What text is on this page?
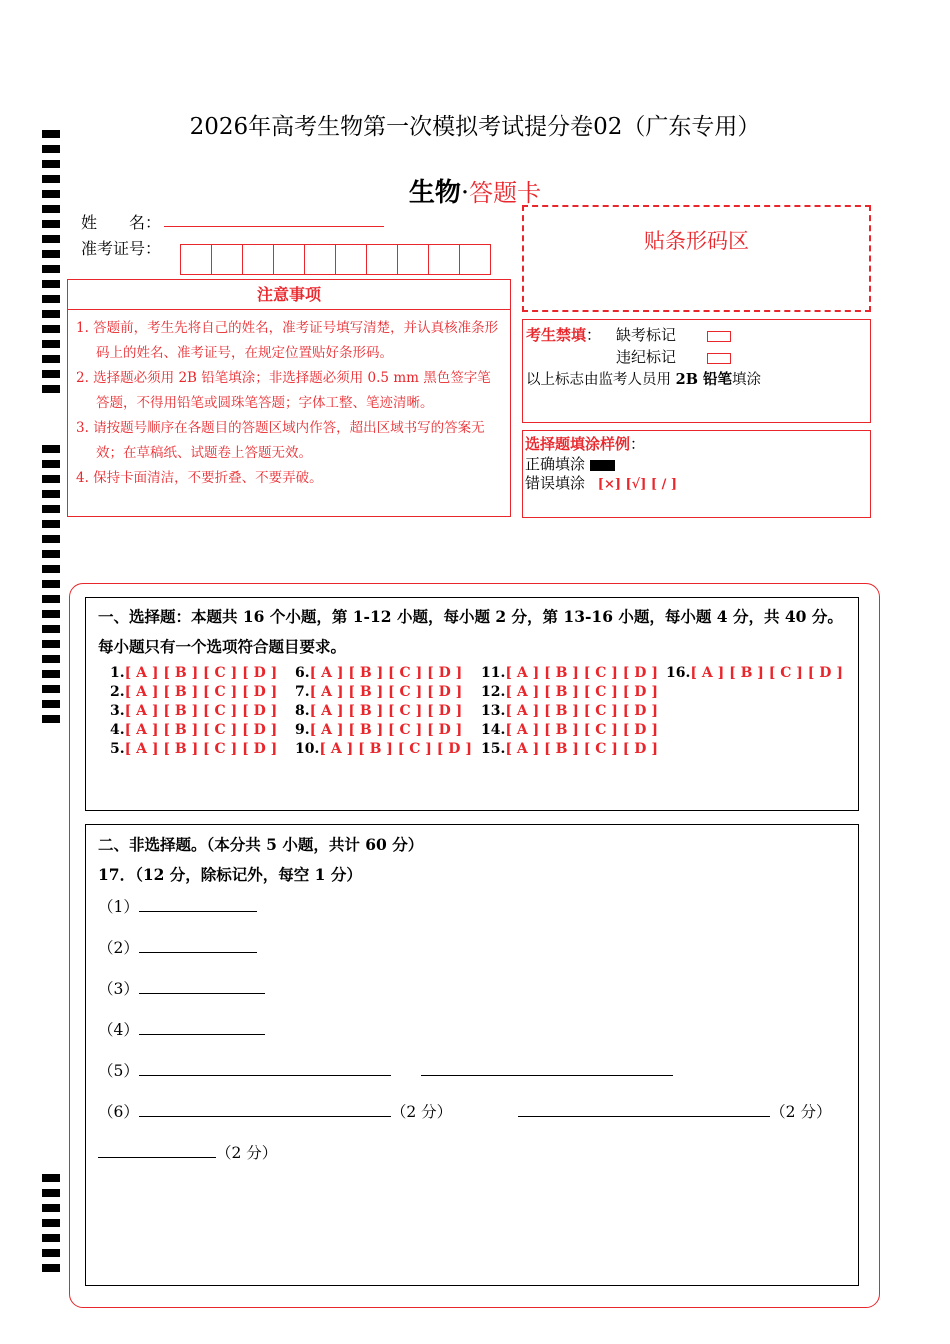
2026年高考生物第一次模拟考试提分卷02（广东专用）
生物·答题卡
姓　　名：
准考证号：
注意事项
1. 答题前，考生先将自己的姓名，准考证号填写清楚，并认真核准条形码上的姓名、准考证号，在规定位置贴好条形码。
2. 选择题必须用 2B 铅笔填涂；非选择题必须用 0.5 mm 黑色签字笔答题，不得用铅笔或圆珠笔答题；字体工整、笔迹清晰。
3. 请按题号顺序在各题目的答题区域内作答，超出区域书写的答案无效；在草稿纸、试题卷上答题无效。
4. 保持卡面清洁，不要折叠、不要弄破。
贴条形码区
考生禁填： 缺考标记
违纪标记
以上标志由监考人员用 2B 铅笔填涂
选择题填涂样例：
正确填涂
错误填涂 [×] [√] [ / ]
一、选择题：本题共 16 个小题，第 1-12 小题，每小题 2 分，第 13-16 小题，每小题 4 分，共 40 分。每小题只有一个选项符合题目要求。
1.[ A ] [ B ] [ C ] [ D ]
2.[ A ] [ B ] [ C ] [ D ]
3.[ A ] [ B ] [ C ] [ D ]
4.[ A ] [ B ] [ C ] [ D ]
5.[ A ] [ B ] [ C ] [ D ]
6.[ A ] [ B ] [ C ] [ D ]
7.[ A ] [ B ] [ C ] [ D ]
8.[ A ] [ B ] [ C ] [ D ]
9.[ A ] [ B ] [ C ] [ D ]
10.[ A ] [ B ] [ C ] [ D ]
11.[ A ] [ B ] [ C ] [ D ]
12.[ A ] [ B ] [ C ] [ D ]
13.[ A ] [ B ] [ C ] [ D ]
14.[ A ] [ B ] [ C ] [ D ]
15.[ A ] [ B ] [ C ] [ D ]
16.[ A ] [ B ] [ C ] [ D ]
二、非选择题。（本分共 5 小题，共计 60 分）
17．（12 分，除标记外，每空 1 分）
（1）
（2）
（3）
（4）
（5）
（6）	（2 分）	（2 分）
（2 分）
